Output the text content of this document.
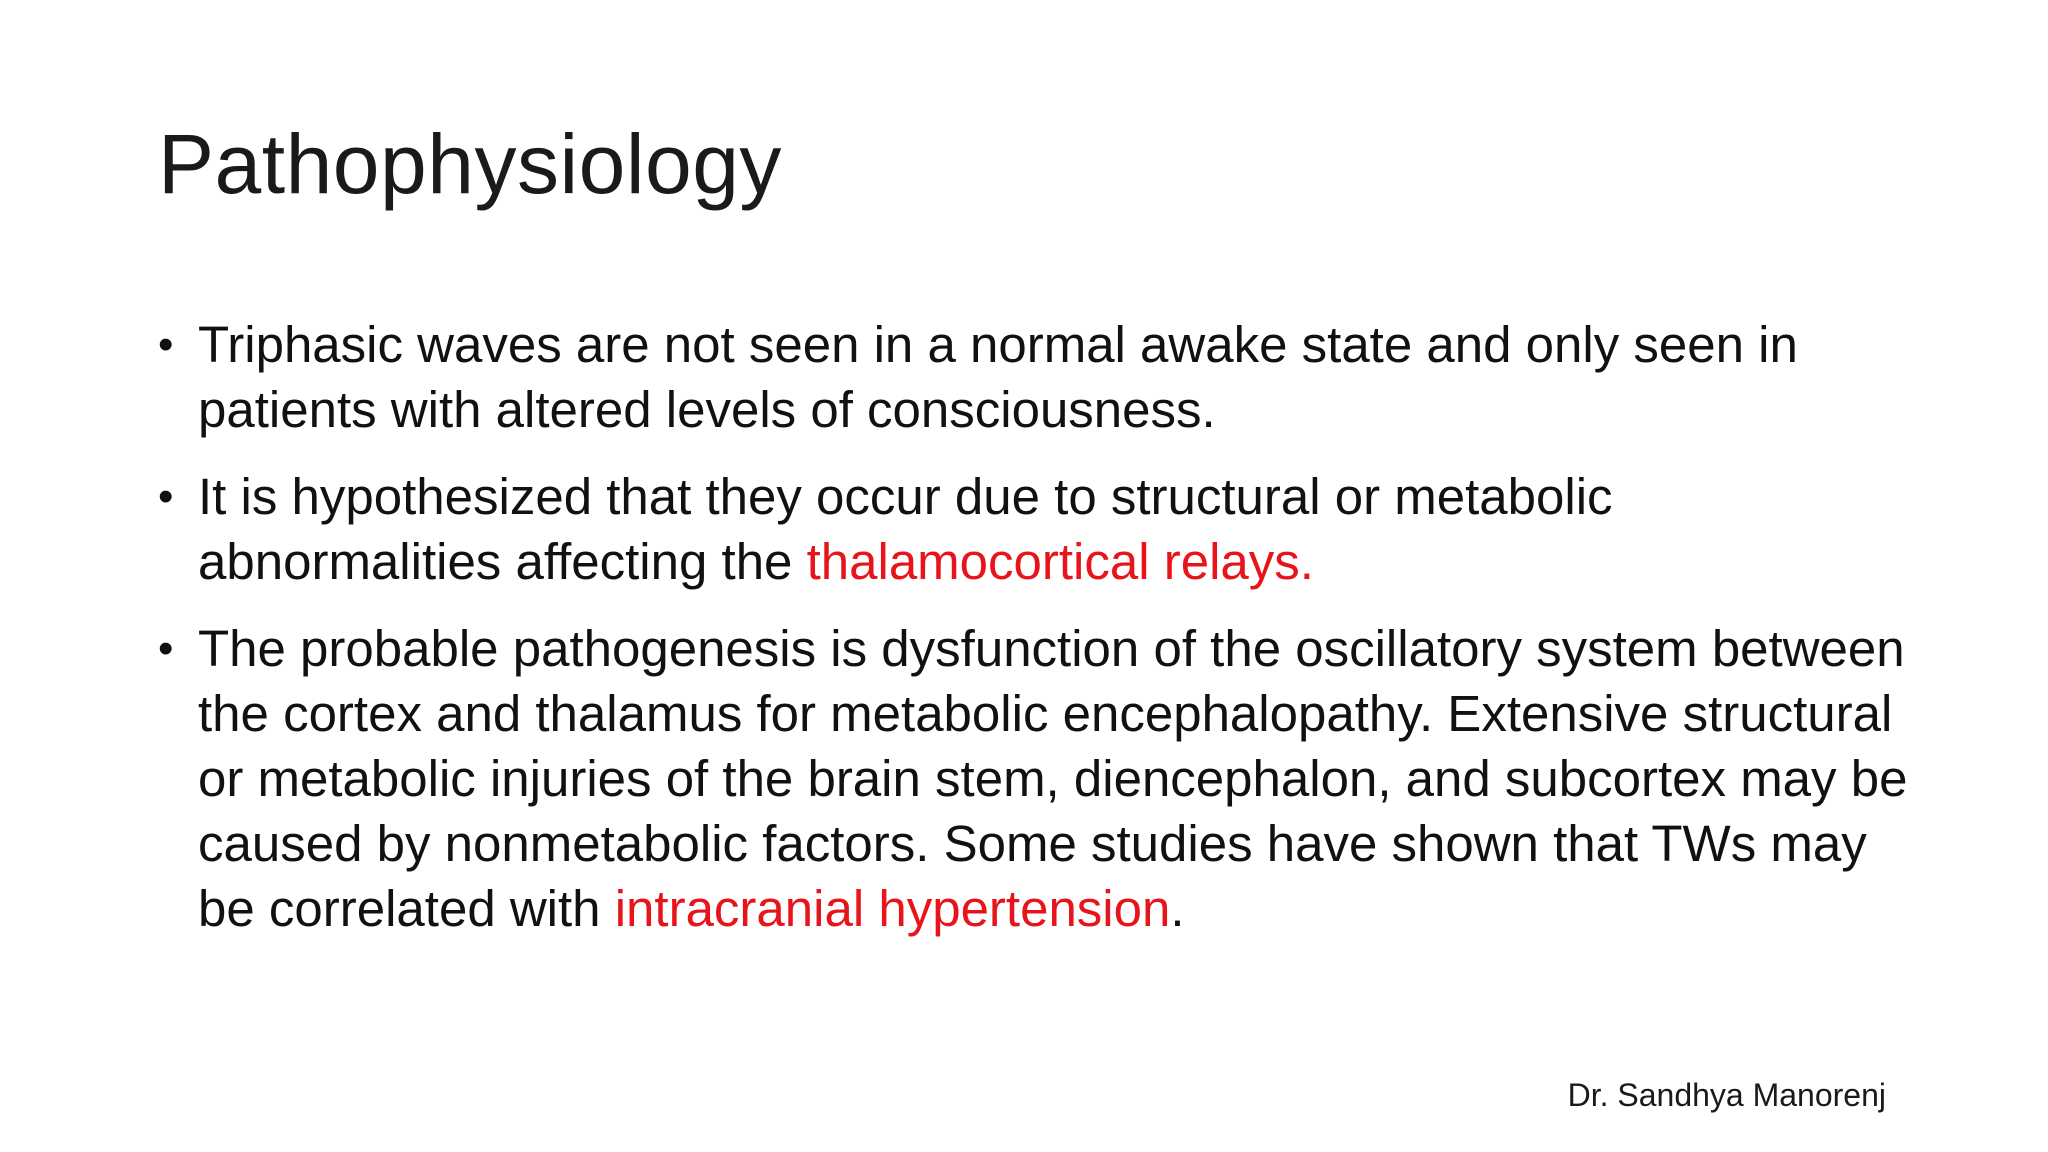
Pathophysiology
• Triphasic waves are not seen in a normal awake state and only seen in patients with altered levels of consciousness.
• It is hypothesized that they occur due to structural or metabolic abnormalities affecting the thalamocortical relays.
• The probable pathogenesis is dysfunction of the oscillatory system between the cortex and thalamus for metabolic encephalopathy. Extensive structural or metabolic injuries of the brain stem, diencephalon, and subcortex may be caused by nonmetabolic factors. Some studies have shown that TWs may be correlated with intracranial hypertension.
Dr. Sandhya Manorenj
